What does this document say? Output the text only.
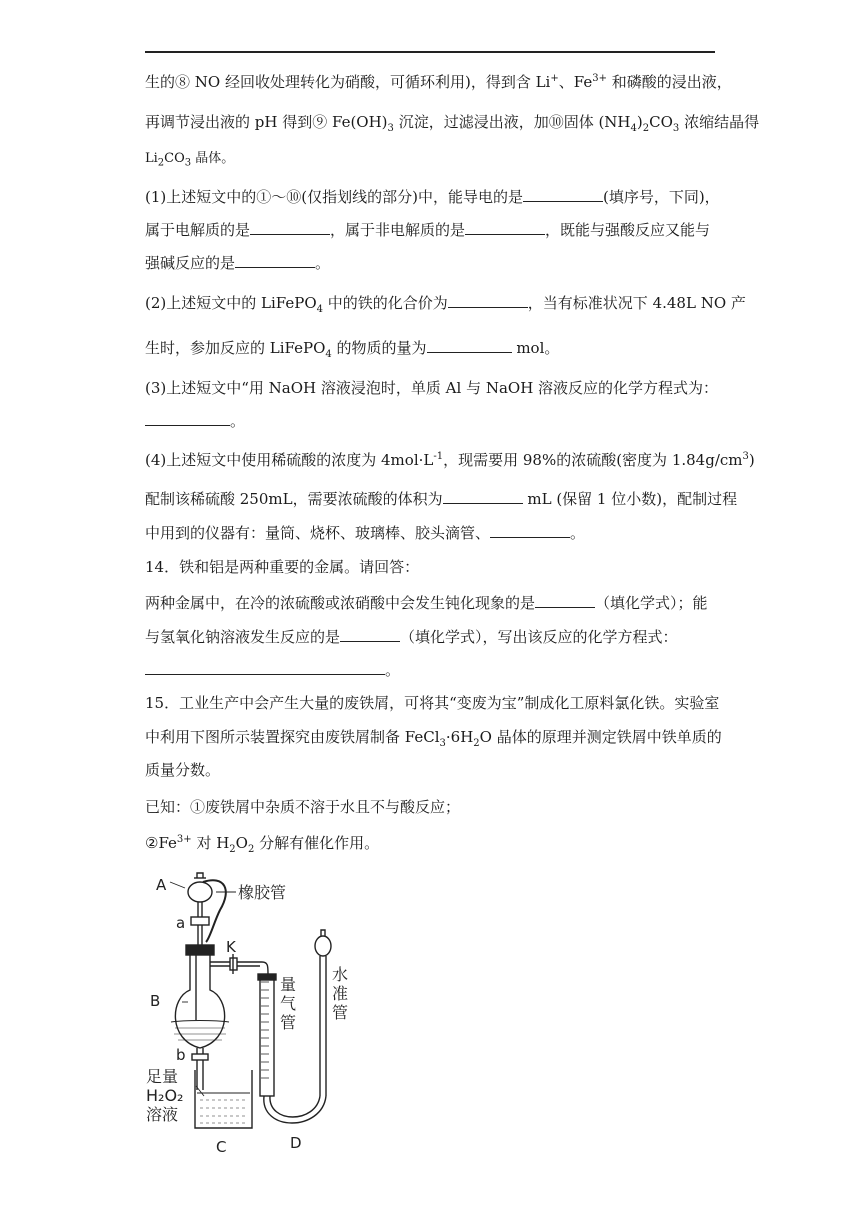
生的⑧ NO 经回收处理转化为硝酸，可循环利用)，得到含 Li+、$Fe^{3+}$ 和磷酸的浸出液，
再调节浸出液的 pH 得到⑨ $Fe(OH)_3$ 沉淀，过滤浸出液，加⑩固体 $(NH_4)_2CO_3$ 浓缩结晶得
$Li_2CO_3$ 晶体。
(1)上述短文中的①～⑩(仅指划线的部分)中，能导电的是	(填序号，下同)，
属于电解质的是	，属于非电解质的是	，既能与强酸反应又能与
强碱反应的是	。
(2)上述短文中的 LiFePO$_4$ 中的铁的化合价为	，当有标准状况下 4.48L NO 产
生时，参加反应的 LiFePO$_4$ 的物质的量为	mol。
(3)上述短文中“用 NaOH 溶液浸泡时，单质 Al 与 NaOH 溶液反应的化学方程式为：
。
(4)上述短文中使用稀硫酸的浓度为 $4mol\cdot L^{-1}$，现需要用 98%的浓硫酸(密度为 $1.84g/cm^3$)
配制该稀硫酸 250mL，需要浓硫酸的体积为	mL (保留 1 位小数)，配制过程
中用到的仪器有：量筒、烧杯、玻璃棒、胶头滴管、	。
14．铁和铝是两种重要的金属。请回答：
两种金属中，在冷的浓硫酸或浓硝酸中会发生钝化现象的是	（填化学式）；能
与氢氧化钠溶液发生反应的是	（填化学式），写出该反应的化学方程式：
。
15．工业生产中会产生大量的废铁屑，可将其“变废为宝”制成化工原料氯化铁。实验室
中利用下图所示装置探究由废铁屑制备 $FeCl_3\cdot 6H_2O$ 晶体的原理并测定铁屑中铁单质的
质量分数。
已知：①废铁屑中杂质不溶于水且不与酸反应；
$②Fe^{3+}$ 对 $H_2O_2$ 分解有催化作用。
A
a
橡胶管
K
B
量
气
管
水
准
管
b
足量
H₂O₂
溶液
C	D
